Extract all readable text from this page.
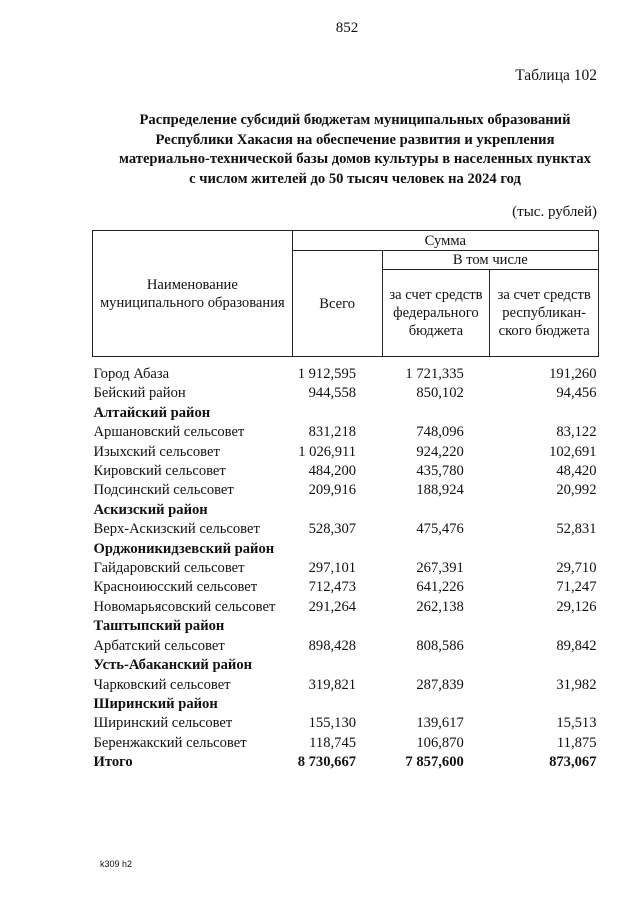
852
Таблица 102
Распределение субсидий бюджетам муниципальных образований
Республики Хакасия на обеспечение развития и укрепления
материально-технической базы домов культуры в населенных пунктах
с числом жителей до 50 тысяч человек на 2024 год
(тыс. рублей)
Наименование муниципального образования	Сумма		
	Всего	В том числе	
		за счет средств федерального бюджета	за счет средств республикан-ского бюджета

Город Абаза	1 912,595	1 721,335	191,260
Бейский район	944,558	850,102	94,456
Алтайский район			
Аршановский сельсовет	831,218	748,096	83,122
Изыхский сельсовет	1 026,911	924,220	102,691
Кировский сельсовет	484,200	435,780	48,420
Подсинский сельсовет	209,916	188,924	20,992
Аскизский район			
Верх-Аскизский сельсовет	528,307	475,476	52,831
Орджоникидзевский район			
Гайдаровский сельсовет	297,101	267,391	29,710
Красноиюсский сельсовет	712,473	641,226	71,247
Новомарьясовский сельсовет	291,264	262,138	29,126
Таштыпский район			
Арбатский сельсовет	898,428	808,586	89,842
Усть-Абаканский район			
Чарковский сельсовет	319,821	287,839	31,982
Ширинский район			
Ширинский сельсовет	155,130	139,617	15,513
Беренжакский сельсовет	118,745	106,870	11,875
Итого	8 730,667	7 857,600	873,067
k309 h2
